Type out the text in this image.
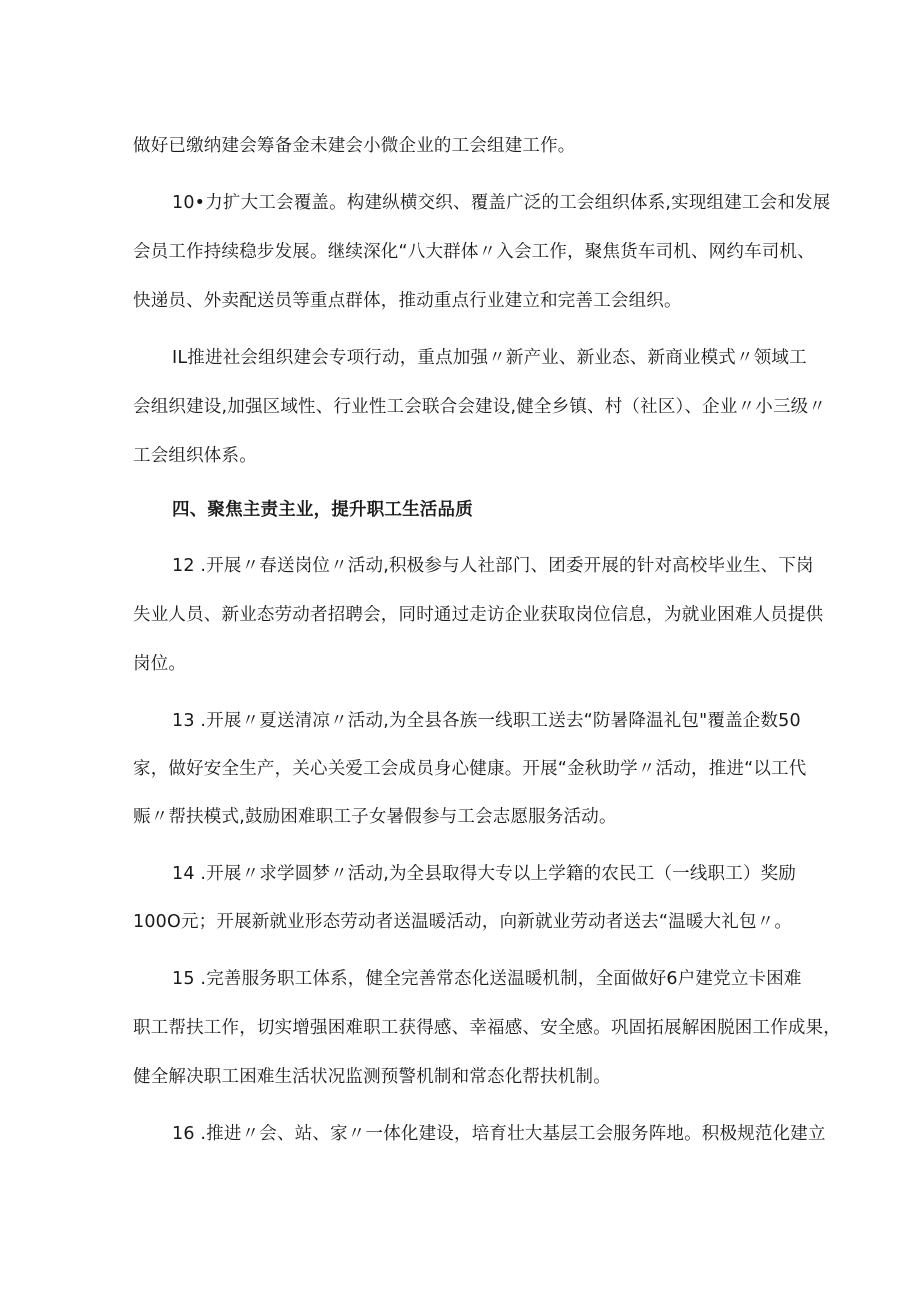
做好已缴纳建会筹备金未建会小微企业的工会组建工作。
10•力扩大工会覆盖。构建纵横交织、覆盖广泛的工会组织体系,实现组建工会和发展
会员工作持续稳步发展。继续深化“八大群体〃入会工作，聚焦货车司机、网约车司机、
快递员、外卖配送员等重点群体，推动重点行业建立和完善工会组织。
IL推进社会组织建会专项行动，重点加强〃新产业、新业态、新商业模式〃领域工
会组织建设,加强区域性、行业性工会联合会建设,健全乡镇、村（社区）、企业〃小三级〃
工会组织体系。
四、聚焦主责主业，提升职工生活品质
12 .开展〃春送岗位〃活动,积极参与人社部门、团委开展的针对高校毕业生、下岗
失业人员、新业态劳动者招聘会，同时通过走访企业获取岗位信息，为就业困难人员提供
岗位。
13 .开展〃夏送清凉〃活动,为全县各族一线职工送去“防暑降温礼包"覆盖企数50
家，做好安全生产，关心关爱工会成员身心健康。开展“金秋助学〃活动，推进“以工代
赈〃帮扶模式,鼓励困难职工子女暑假参与工会志愿服务活动。
14 .开展〃求学圆梦〃活动,为全县取得大专以上学籍的农民工（一线职工）奖励
100O元；开展新就业形态劳动者送温暖活动，向新就业劳动者送去“温暖大礼包〃。
15 .完善服务职工体系，健全完善常态化送温暖机制，全面做好6户建党立卡困难
职工帮扶工作，切实增强困难职工获得感、幸福感、安全感。巩固拓展解困脱困工作成果，
健全解决职工困难生活状况监测预警机制和常态化帮扶机制。
16 .推进〃会、站、家〃一体化建设，培育壮大基层工会服务阵地。积极规范化建立
